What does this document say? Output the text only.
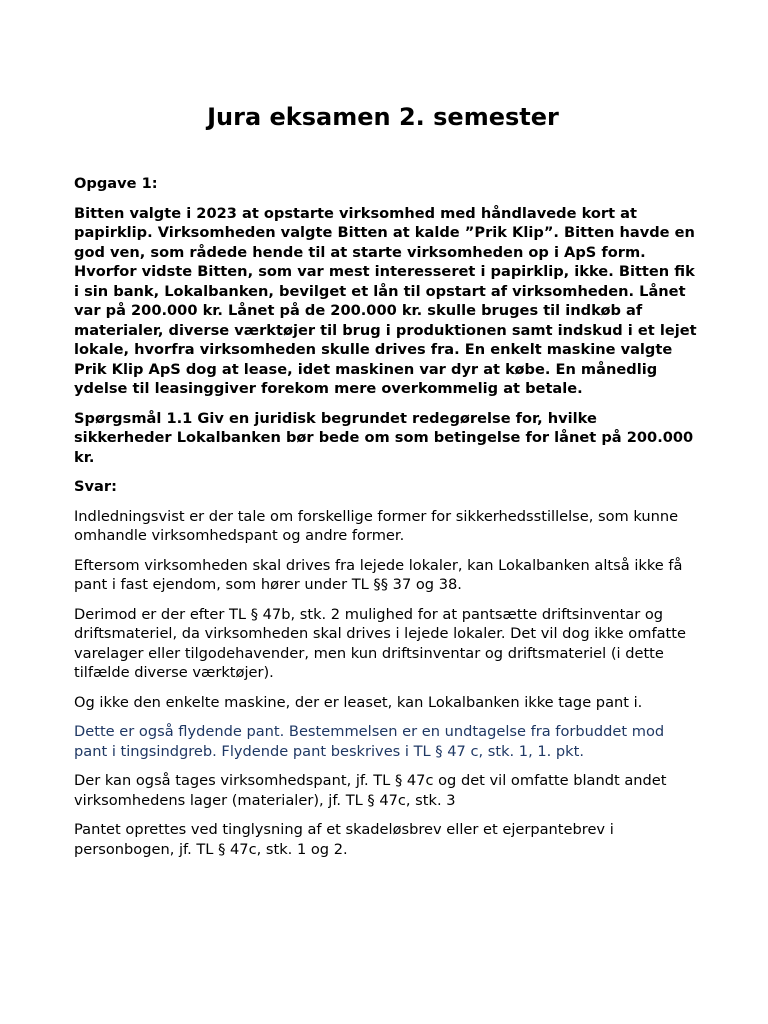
Jura eksamen 2. semester

Opgave 1:

Bitten valgte i 2023 at opstarte virksomhed med håndlavede kort at papirklip. Virksomheden valgte Bitten at kalde ”Prik Klip”. Bitten havde en god ven, som rådede hende til at starte virksomheden op i ApS form. Hvorfor vidste Bitten, som var mest interesseret i papirklip, ikke. Bitten fik i sin bank, Lokalbanken, bevilget et lån til opstart af virksomheden. Lånet var på 200.000 kr. Lånet på de 200.000 kr. skulle bruges til indkøb af materialer, diverse værktøjer til brug i produktionen samt indskud i et lejet lokale, hvorfra virksomheden skulle drives fra. En enkelt maskine valgte Prik Klip ApS dog at lease, idet maskinen var dyr at købe. En månedlig ydelse til leasinggiver forekom mere overkommelig at betale.

Spørgsmål 1.1 Giv en juridisk begrundet redegørelse for, hvilke sikkerheder Lokalbanken bør bede om som betingelse for lånet på 200.000 kr.

Svar:

Indledningsvist er der tale om forskellige former for sikkerhedsstillelse, som kunne omhandle virksomhedspant og andre former.

Eftersom virksomheden skal drives fra lejede lokaler, kan Lokalbanken altså ikke få pant i fast ejendom, som hører under TL §§ 37 og 38.

Derimod er der efter TL § 47b, stk. 2 mulighed for at pantsætte driftsinventar og driftsmateriel, da virksomheden skal drives i lejede lokaler. Det vil dog ikke omfatte varelager eller tilgodehavender, men kun driftsinventar og driftsmateriel (i dette tilfælde diverse værktøjer).

Og ikke den enkelte maskine, der er leaset, kan Lokalbanken ikke tage pant i.

Dette er også flydende pant. Bestemmelsen er en undtagelse fra forbuddet mod pant i tingsindgreb. Flydende pant beskrives i TL § 47 c, stk. 1, 1. pkt.

Der kan også tages virksomhedspant, jf. TL § 47c og det vil omfatte blandt andet virksomhedens lager (materialer), jf. TL § 47c, stk. 3

Pantet oprettes ved tinglysning af et skadeløsbrev eller et ejerpantebrev i personbogen, jf. TL § 47c, stk. 1 og 2.
